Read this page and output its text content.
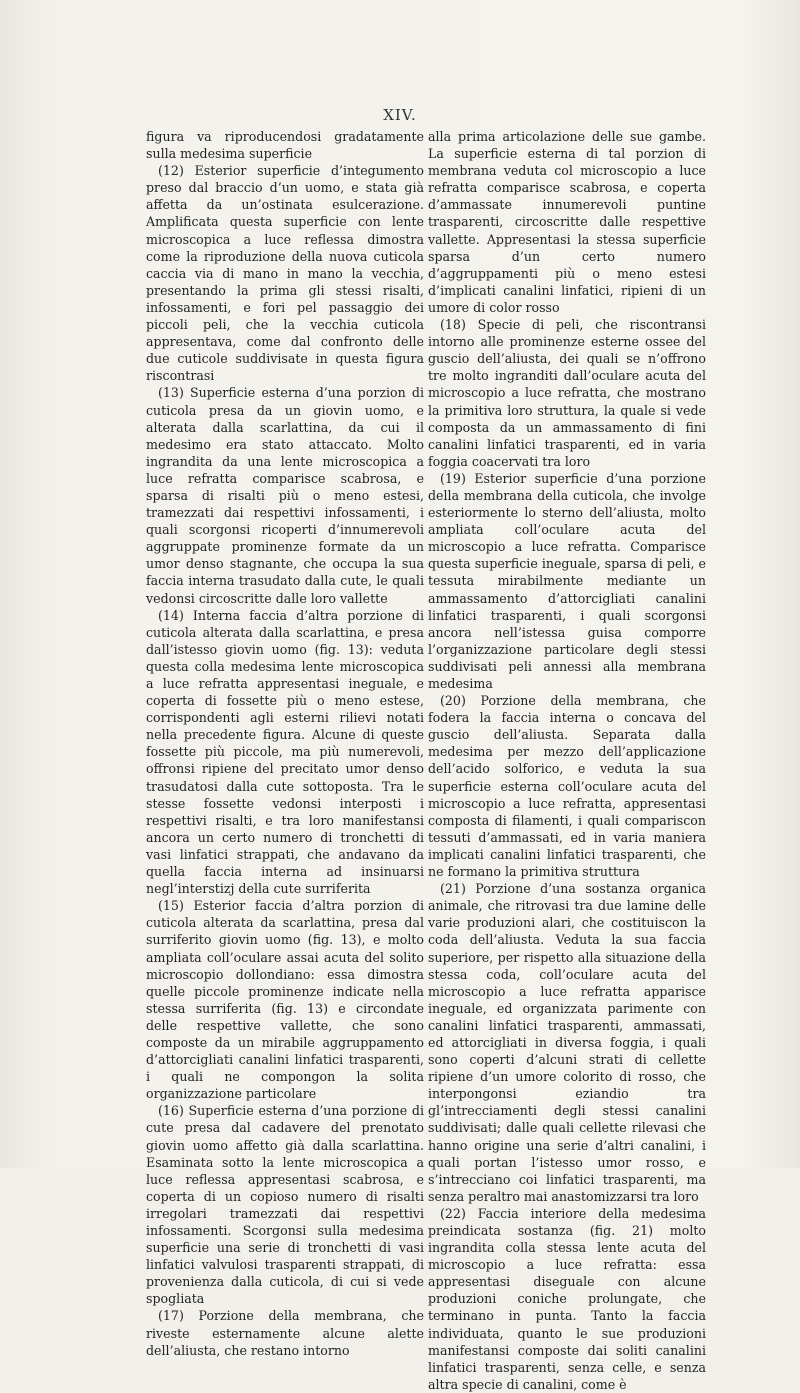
XIV.

figura va riproducendosi gradatamente sulla medesima superficie

(12) Esterior superficie d’integumento preso dal braccio d’un uomo, e stata già affetta da un’ostinata esulcerazione. Amplificata questa superficie con lente microscopica a luce reflessa dimostra come la riproduzione della nuova cuticola caccia via di mano in mano la vecchia, presentando la prima gli stessi risalti, infossamenti, e fori pel passaggio dei piccoli peli, che la vecchia cuticola appresentava, come dal confronto delle due cuticole suddivisate in questa figura riscontrasi

(13) Superficie esterna d’una porzion di cuticola presa da un giovin uomo, e alterata dalla scarlattina, da cui il medesimo era stato attaccato. Molto ingrandita da una lente microscopica a luce refratta comparisce scabrosa, e sparsa di risalti più o meno estesi, tramezzati dai respettivi infossamenti, i quali scorgonsi ricoperti d’innumerevoli aggruppate prominenze formate da un umor denso stagnante, che occupa la sua faccia interna trasudato dalla cute, le quali vedonsi circoscritte dalle loro vallette

(14) Interna faccia d’altra porzione di cuticola alterata dalla scarlattina, e presa dall’istesso giovin uomo (fig. 13): veduta questa colla medesima lente microscopica a luce refratta appresentasi ineguale, e coperta di fossette più o meno estese, corrispondenti agli esterni rilievi notati nella precedente figura. Alcune di queste fossette più piccole, ma più numerevoli, offronsi ripiene del precitato umor denso trasudatosi dalla cute sottoposta. Tra le stesse fossette vedonsi interposti i respettivi risalti, e tra loro manifestansi ancora un certo numero di tronchetti di vasi linfatici strappati, che andavano da quella faccia interna ad insinuarsi negl’interstizj della cute surriferita

(15) Esterior faccia d’altra porzion di cuticola alterata da scarlattina, presa dal surriferito giovin uomo (fig. 13), e molto ampliata coll’oculare assai acuta del solito microscopio dollondiano: essa dimostra quelle piccole prominenze indicate nella stessa surriferita (fig. 13) e circondate delle respettive vallette, che sono composte da un mirabile aggruppamento d’attorcigliati canalini linfatici trasparenti, i quali ne compongon la solita organizzazione particolare

(16) Superficie esterna d’una porzione di cute presa dal cadavere del prenotato giovin uomo affetto già dalla scarlattina. Esaminata sotto la lente microscopica a luce reflessa appresentasi scabrosa, e coperta di un copioso numero di risalti irregolari tramezzati dai respettivi infossamenti. Scorgonsi sulla medesima superficie una serie di tronchetti di vasi linfatici valvulosi trasparenti strappati, di provenienza dalla cuticola, di cui si vede spogliata

(17) Porzione della membrana, che riveste esternamente alcune alette dell’aliusta, che restano intorno

alla prima articolazione delle sue gambe. La superficie esterna di tal porzion di membrana veduta col microscopio a luce refratta comparisce scabrosa, e coperta d’ammassate innumerevoli puntine trasparenti, circoscritte dalle respettive vallette. Appresentasi la stessa superficie sparsa d’un certo numero d’aggruppamenti più o meno estesi d’implicati canalini linfatici, ripieni di un umore di color rosso

(18) Specie di peli, che riscontransi intorno alle prominenze esterne ossee del guscio dell’aliusta, dei quali se n’offrono tre molto ingranditi dall’oculare acuta del microscopio a luce refratta, che mostrano la primitiva loro struttura, la quale si vede composta da un ammassamento di fini canalini linfatici trasparenti, ed in varia foggia coacervati tra loro

(19) Esterior superficie d’una porzione della membrana della cuticola, che involge esteriormente lo sterno dell’aliusta, molto ampliata coll’oculare acuta del microscopio a luce refratta. Comparisce questa superficie ineguale, sparsa di peli, e tessuta mirabilmente mediante un ammassamento d’attorcigliati canalini linfatici trasparenti, i quali scorgonsi ancora nell’istessa guisa comporre l’organizzazione particolare degli stessi suddivisati peli annessi alla membrana medesima

(20) Porzione della membrana, che fodera la faccia interna o concava del guscio dell’aliusta. Separata dalla medesima per mezzo dell’applicazione dell’acido solforico, e veduta la sua superficie esterna coll’oculare acuta del microscopio a luce refratta, appresentasi composta di filamenti, i quali compariscon tessuti d’ammassati, ed in varia maniera implicati canalini linfatici trasparenti, che ne formano la primitiva struttura

(21) Porzione d’una sostanza organica animale, che ritrovasi tra due lamine delle varie produzioni alari, che costituiscon la coda dell’aliusta. Veduta la sua faccia superiore, per rispetto alla situazione della stessa coda, coll’oculare acuta del microscopio a luce refratta apparisce ineguale, ed organizzata parimente con canalini linfatici trasparenti, ammassati, ed attorcigliati in diversa foggia, i quali sono coperti d’alcuni strati di cellette ripiene d’un umore colorito di rosso, che interpongonsi eziandio tra gl’intrecciamenti degli stessi canalini suddivisati; dalle quali cellette rilevasi che hanno origine una serie d’altri canalini, i quali portan l’istesso umor rosso, e s’intrecciano coi linfatici trasparenti, ma senza peraltro mai anastomizzarsi tra loro

(22) Faccia interiore della medesima preindicata sostanza (fig. 21) molto ingrandita colla stessa lente acuta del microscopio a luce refratta: essa appresentasi diseguale con alcune produzioni coniche prolungate, che terminano in punta. Tanto la faccia individuata, quanto le sue produzioni manifestansi composte dai soliti canalini linfatici trasparenti, senza celle, e senza altra specie di canalini, come è
